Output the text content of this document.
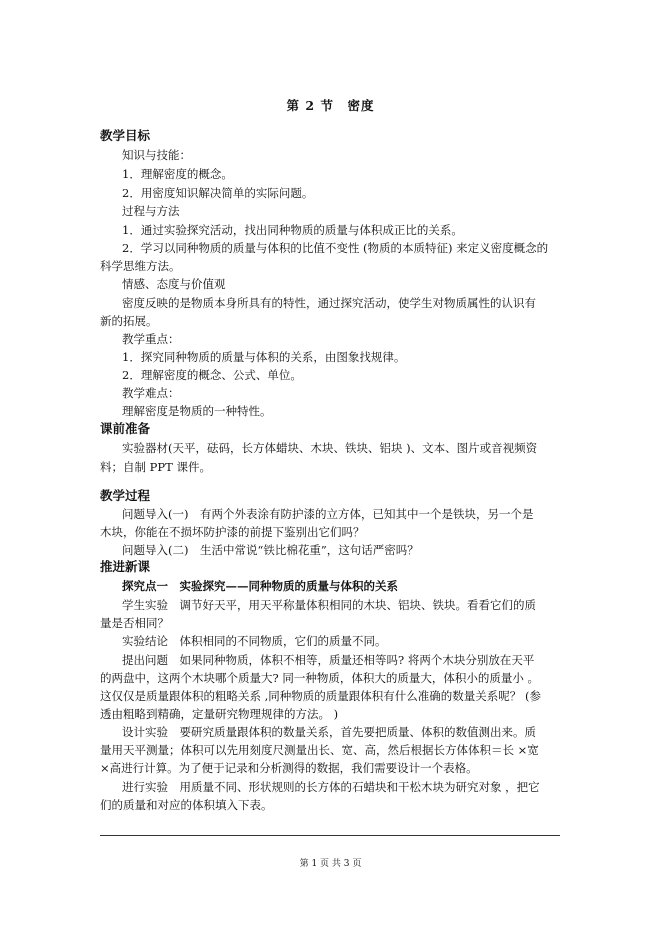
第 2 节　密度
教学目标
知识与技能：
1．理解密度的概念。
2．用密度知识解决简单的实际问题。
过程与方法
1．通过实验探究活动，找出同种物质的质量与体积成正比的关系。
2．学习以同种物质的质量与体积的比值不变性 (物质的本质特征) 来定义密度概念的
科学思维方法。
情感、态度与价值观
密度反映的是物质本身所具有的特性，通过探究活动，使学生对物质属性的认识有
新的拓展。
教学重点：
1．探究同种物质的质量与体积的关系，由图象找规律。
2．理解密度的概念、公式、单位。
教学难点：
理解密度是物质的一种特性。
课前准备
实验器材(天平，砝码，长方体蜡块、木块、铁块、铝块 )、文本、图片或音视频资
料；自制 PPT 课件。
教学过程
问题导入(一)　有两个外表涂有防护漆的立方体，已知其中一个是铁块，另一个是
木块，你能在不损坏防护漆的前提下鉴别出它们吗？
问题导入(二)　生活中常说“铁比棉花重”，这句话严密吗？
推进新课
探究点一　实验探究——同种物质的质量与体积的关系
学生实验　调节好天平，用天平称量体积相同的木块、铝块、铁块。看看它们的质
量是否相同？
实验结论　体积相同的不同物质，它们的质量不同。
提出问题　如果同种物质，体积不相等，质量还相等吗? 将两个木块分别放在天平
的两盘中，这两个木块哪个质量大? 同一种物质，体积大的质量大，体积小的质量小 。
这仅仅是质量跟体积的粗略关系 ,同种物质的质量跟体积有什么准确的数量关系呢？ (参
透由粗略到精确，定量研究物理规律的方法。 )
设计实验　要研究质量跟体积的数量关系，首先要把质量、体积的数值测出来。质
量用天平测量；体积可以先用刻度尺测量出长、宽、高，然后根据长方体体积＝长 ×宽
×高进行计算。为了便于记录和分析测得的数据，我们需要设计一个表格。
进行实验　用质量不同、形状规则的长方体的石蜡块和干松木块为研究对象 ，把它
们的质量和对应的体积填入下表。
第 1 页 共 3 页
